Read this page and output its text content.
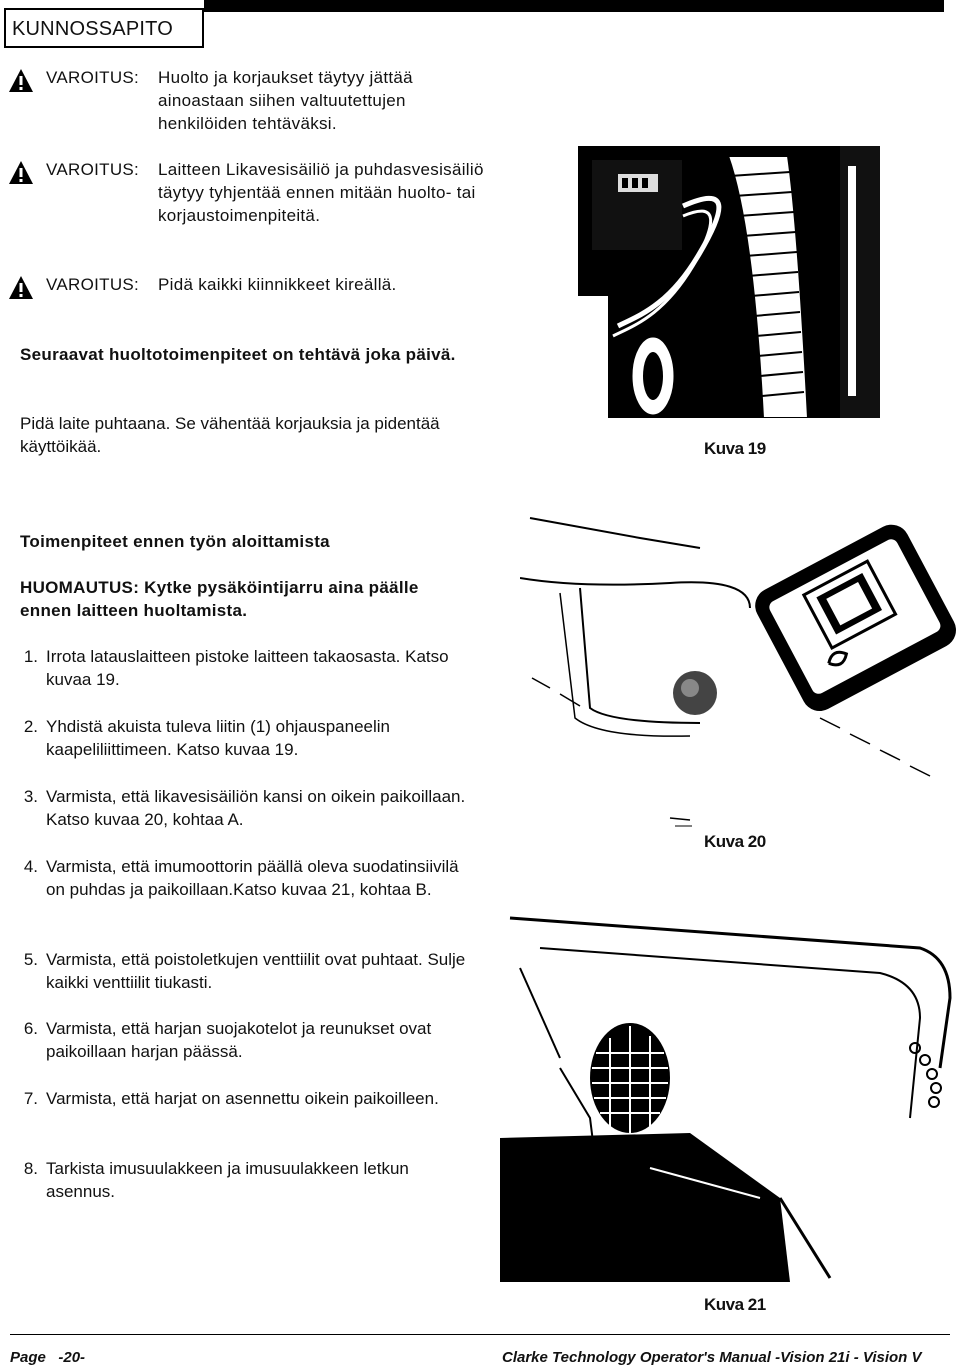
KUNNOSSAPITO
VAROITUS: Huolto ja korjaukset täytyy jättää ainoastaan siihen valtuutettujen henkilöiden tehtäväksi.
VAROITUS: Laitteen Likavesisäiliö ja puhdasvesisäiliö täytyy tyhjentää ennen mitään huolto- tai korjaustoimenpiteitä.
VAROITUS: Pidä kaikki kiinnikkeet kireällä.
Seuraavat huoltotoimenpiteet on tehtävä joka päivä.
Pidä laite puhtaana. Se vähentää korjauksia ja pidentää käyttöikää.	Kuva 19
Toimenpiteet ennen työn aloittamista
HUOMAUTUS: Kytke pysäköintijarru aina päälle ennen laitteen huoltamista.
1. Irrota latauslaitteen pistoke laitteen takaosasta. Katso kuvaa 19.
2. Yhdistä akuista tuleva liitin (1) ohjauspaneelin kaapeliliittimeen. Katso kuvaa 19.
3. Varmista, että likavesisäiliön kansi on oikein paikoillaan. Katso kuvaa 20, kohtaa A.
4. Varmista, että imumoottorin päällä oleva suodatinsiivilä on puhdas ja paikoillaan.Katso kuvaa 21, kohtaa B.
5. Varmista, että poistoletkujen venttiilit ovat puhtaat. Sulje kaikki venttiilit tiukasti.
6. Varmista, että harjan suojakotelot ja reunukset ovat paikoillaan harjan päässä.
7. Varmista, että harjat on asennettu oikein paikoilleen.
8. Tarkista imusuulakkeen ja imusuulakkeen letkun asennus.
Kuva 20
Kuva 21
Page   -20-	Clarke Technology Operator's Manual -Vision 21i - Vision V
